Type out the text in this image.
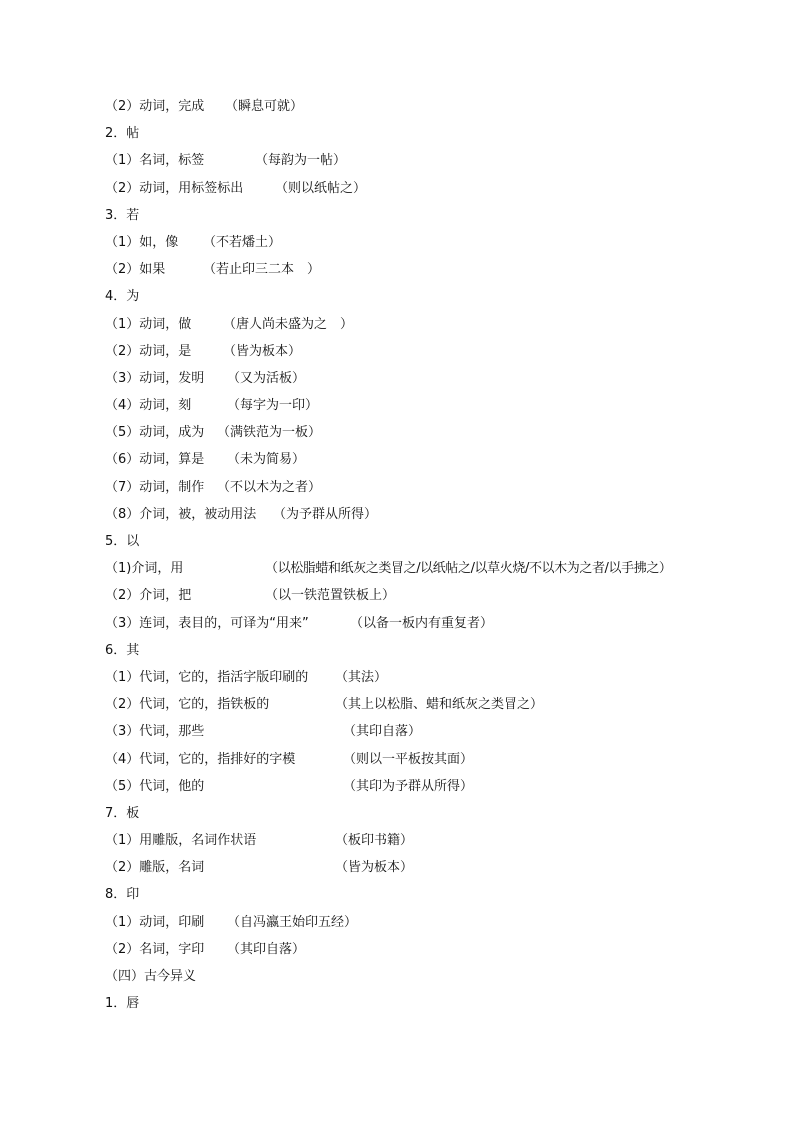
（2）动词，完成 （瞬息可就）
2．帖
（1）名词，标签	（每韵为一帖）
（2）动词，用标签标出 （则以纸帖之）
3．若
（1）如，像 （不若燔土）
（2）如果	（若止印三二本　）
4．为
（1）动词，做 （唐人尚未盛为之　）
（2）动词，是 （皆为板本）
（3）动词，发明 （又为活板）
（4）动词，刻	（每字为一印）
（5）动词，成为 （满铁范为一板）
（6）动词，算是 （未为简易）
（7）动词，制作 （不以木为之者）
（8）介词，被，被动用法 （为予群从所得）
5．以
（1)介词，用	（以松脂蜡和纸灰之类冒之/以纸帖之/以草火烧/不以木为之者/以手拂之）
（2）介词，把	（以一铁范置铁板上）
（3）连词，表目的，可译为“用来”	（以备一板内有重复者）
6．其
（1）代词，它的，指活字版印刷的 （其法）
（2）代词，它的，指铁板的	（其上以松脂、蜡和纸灰之类冒之）
（3）代词，那些	（其印自落）
（4）代词，它的，指排好的字模	（则以一平板按其面）
（5）代词，他的	（其印为予群从所得）
7．板
（1）用雕版，名词作状语	（板印书籍）
（2）雕版，名词	（皆为板本）
8．印
（1）动词，印刷 （自冯瀛王始印五经）
（2）名词，字印 （其印自落）
（四）古今异义
1．唇
